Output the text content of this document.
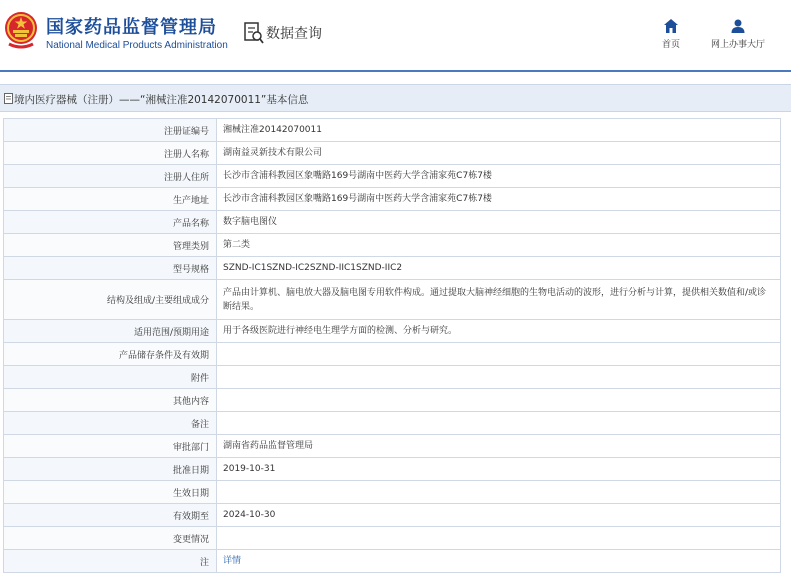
国家药品监督管理局
National Medical Products Administration
数据查询
首页	网上办事大厅
境内医疗器械（注册）——“湘械注准20142070011”基本信息
注册证编号	湘械注准20142070011
注册人名称	湖南益灵新技术有限公司
注册人住所	长沙市含浦科教园区象嘴路169号湖南中医药大学含浦家苑C7栋7楼
生产地址	长沙市含浦科教园区象嘴路169号湖南中医药大学含浦家苑C7栋7楼
产品名称	数字脑电图仪
管理类别	第二类
型号规格	SZND-IC1SZND-IC2SZND-IIC1SZND-IIC2
结构及组成/主要组成成分	产品由计算机、脑电放大器及脑电图专用软件构成。通过提取大脑神经细胞的生物电活动的波形，进行分析与计算，提供相关数值和/或诊断结果。
适用范围/预期用途	用于各级医院进行神经电生理学方面的检测、分析与研究。
产品储存条件及有效期	
附件	
其他内容	
备注	
审批部门	湖南省药品监督管理局
批准日期	2019-10-31
生效日期	
有效期至	2024-10-30
变更情况	
注	详情
